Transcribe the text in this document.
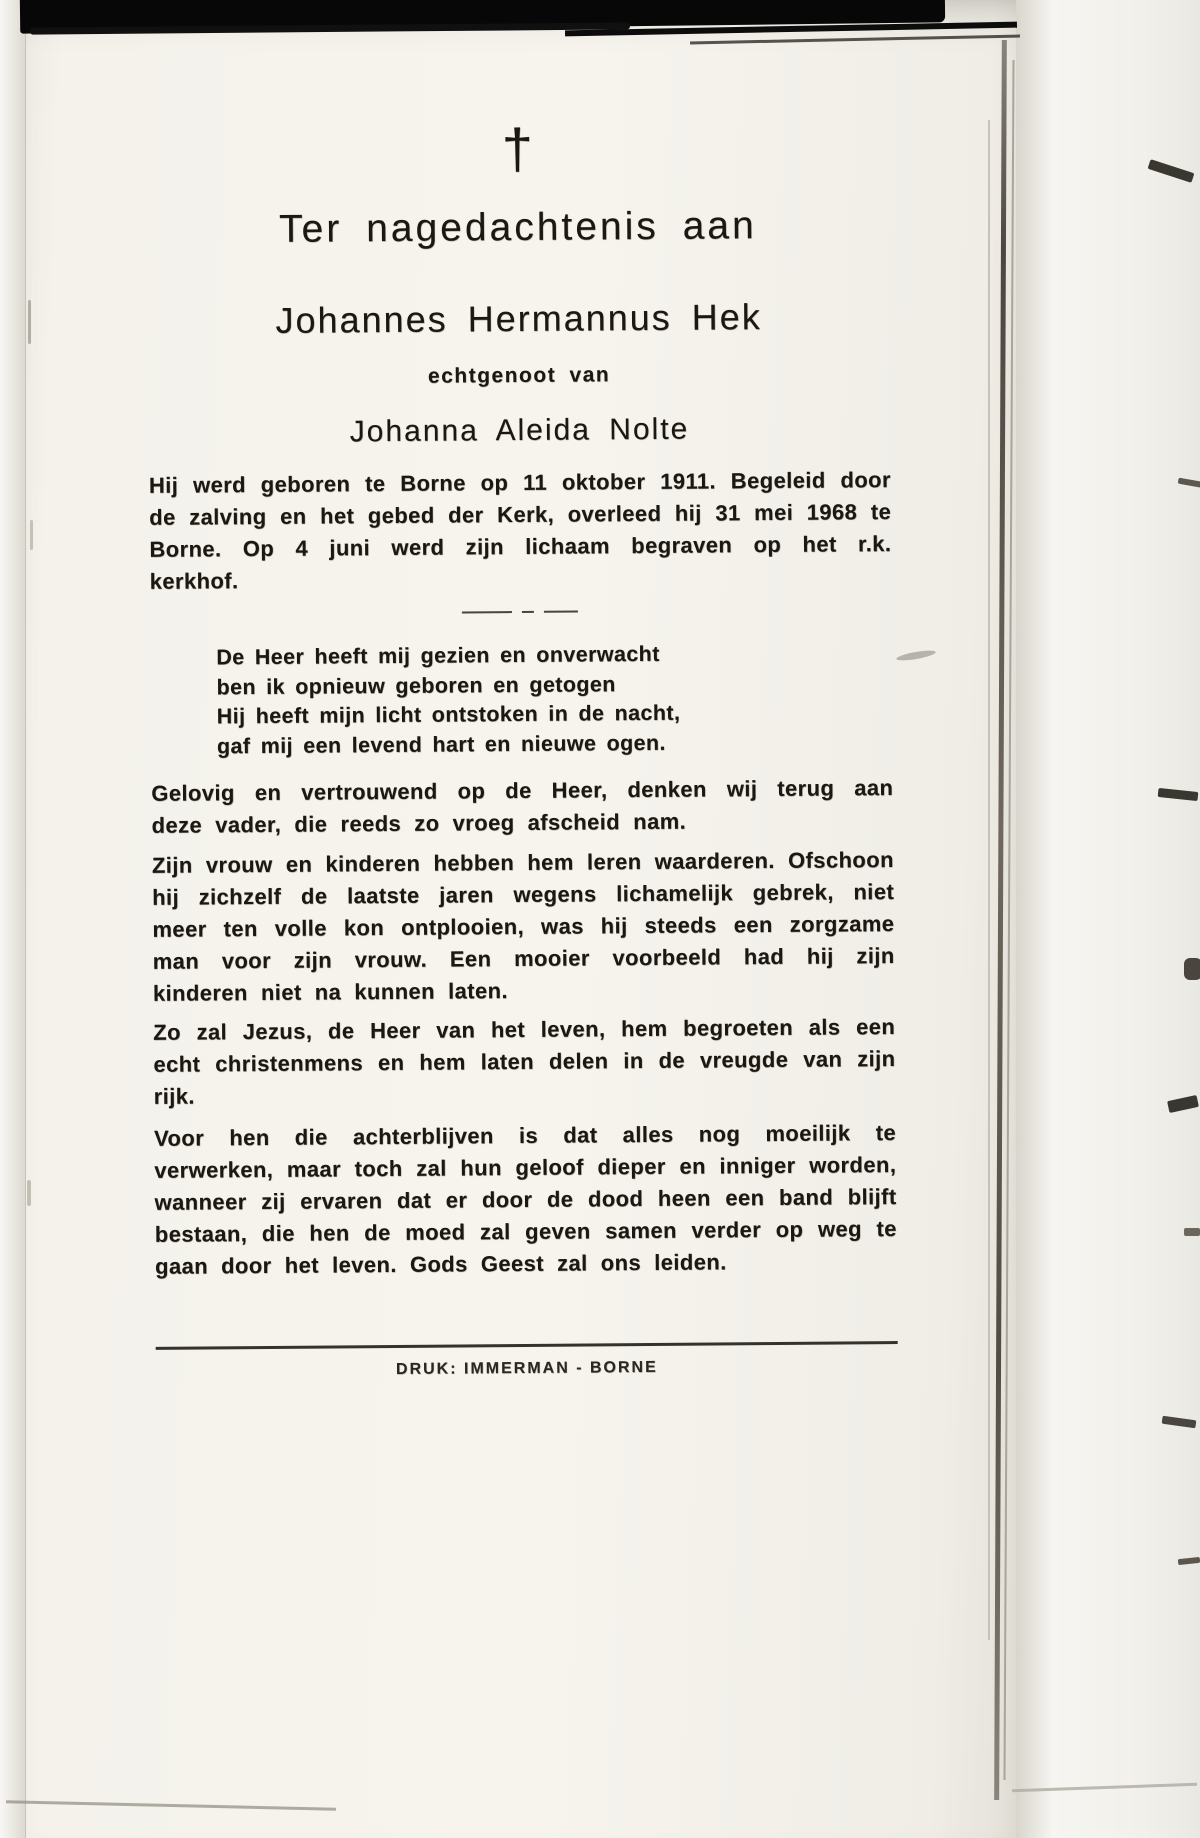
†
Ter nagedachtenis aan
Johannes Hermannus Hek
echtgenoot van
Johanna Aleida Nolte

Hij werd geboren te Borne op 11 oktober 1911. Begeleid door de zalving en het gebed der Kerk, overleed hij 31 mei 1968 te Borne. Op 4 juni werd zijn lichaam begraven op het r.k. kerkhof.

De Heer heeft mij gezien en onverwacht
ben ik opnieuw geboren en getogen
Hij heeft mijn licht ontstoken in de nacht,
gaf mij een levend hart en nieuwe ogen.

Gelovig en vertrouwend op de Heer, denken wij terug aan deze vader, die reeds zo vroeg afscheid nam.

Zijn vrouw en kinderen hebben hem leren waarderen. Ofschoon hij zichzelf de laatste jaren wegens lichamelijk gebrek, niet meer ten volle kon ontplooien, was hij steeds een zorgzame man voor zijn vrouw. Een mooier voorbeeld had hij zijn kinderen niet na kunnen laten.

Zo zal Jezus, de Heer van het leven, hem begroeten als een echt christenmens en hem laten delen in de vreugde van zijn rijk.

Voor hen die achterblijven is dat alles nog moeilijk te verwerken, maar toch zal hun geloof dieper en inniger worden, wanneer zij ervaren dat er door de dood heen een band blijft bestaan, die hen de moed zal geven samen verder op weg te gaan door het leven. Gods Geest zal ons leiden.

DRUK: IMMERMAN - BORNE
